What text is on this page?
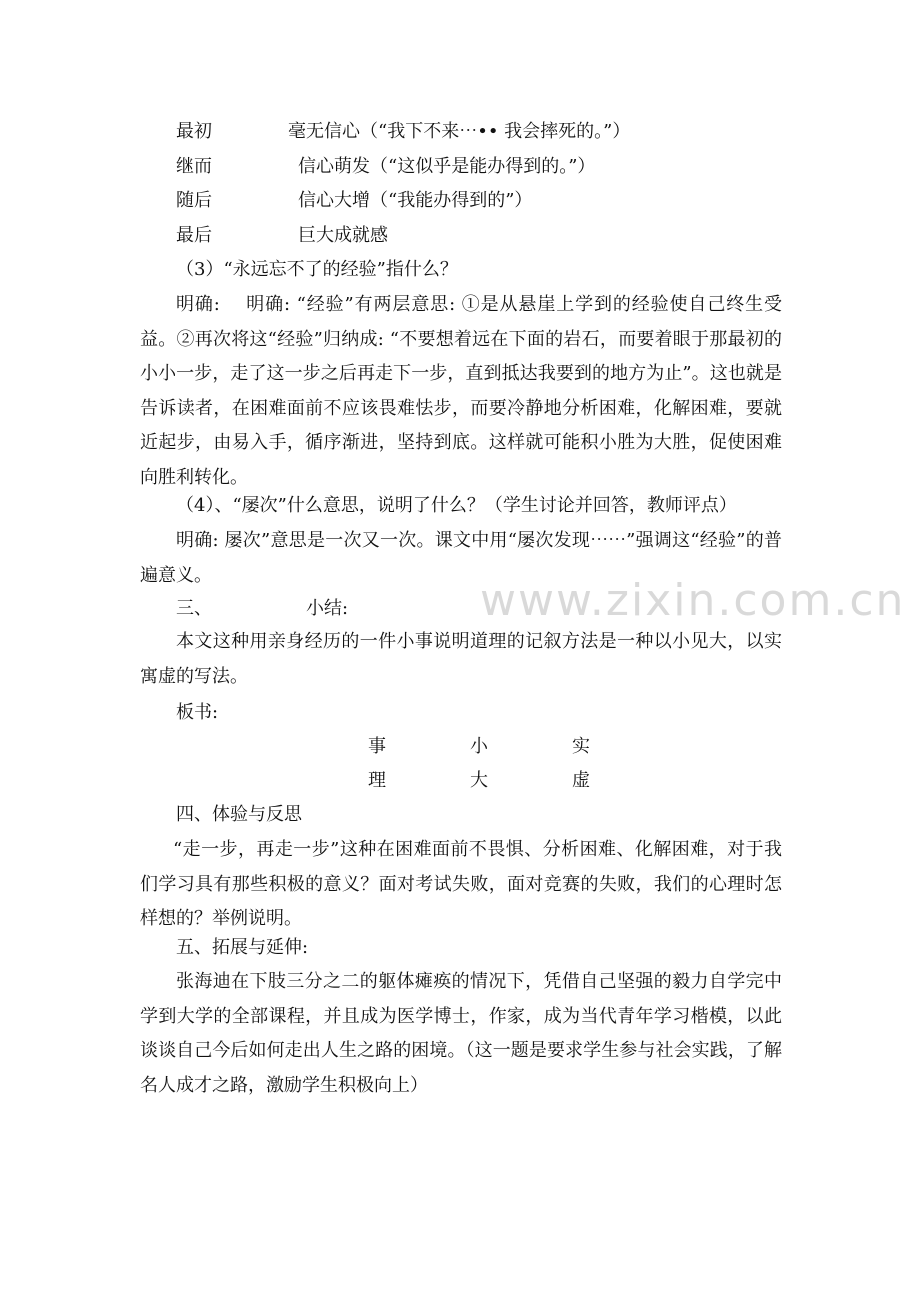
www.zixin.com.cn
最初	毫无信心（“我下不来⋯•• 我会摔死的。”）
继而	信心萌发（“这似乎是能办得到的。”）
随后	信心大增（“我能办得到的”）
最后	巨大成就感
（3）“永远忘不了的经验”指什么？

明确:　 明确: “经验”有两层意思: ①是从悬崖上学到的经验使自己终生受益。②再次将这“经验”归纳成: “不要想着远在下面的岩石，而要着眼于那最初的小小一步，走了这一步之后再走下一步，直到抵达我要到的地方为止”。这也就是告诉读者，在困难面前不应该畏难怯步，而要冷静地分析困难，化解困难，要就近起步，由易入手，循序渐进，坚持到底。这样就可能积小胜为大胜，促使困难向胜利转化。

（4）、“屡次”什么意思，说明了什么？（学生讨论并回答，教师评点）

明确: 屡次”意思是一次又一次。课文中用“屡次发现⋯⋯”强调这“经验”的普遍意义。

三、	小结:

本文这种用亲身经历的一件小事说明道理的记叙方法是一种以小见大，以实寓虚的写法。

板书:
事	小	实
理	大	虚
四、体验与反思

“走一步，再走一步”这种在困难面前不畏惧、分析困难、化解困难，对于我们学习具有那些积极的意义？面对考试失败，面对竞赛的失败，我们的心理时怎样想的？举例说明。

五、拓展与延伸:

张海迪在下肢三分之二的躯体瘫痪的情况下，凭借自己坚强的毅力自学完中学到大学的全部课程，并且成为医学博士，作家，成为当代青年学习楷模，以此谈谈自己今后如何走出人生之路的困境。（这一题是要求学生参与社会实践，了解名人成才之路，激励学生积极向上）
